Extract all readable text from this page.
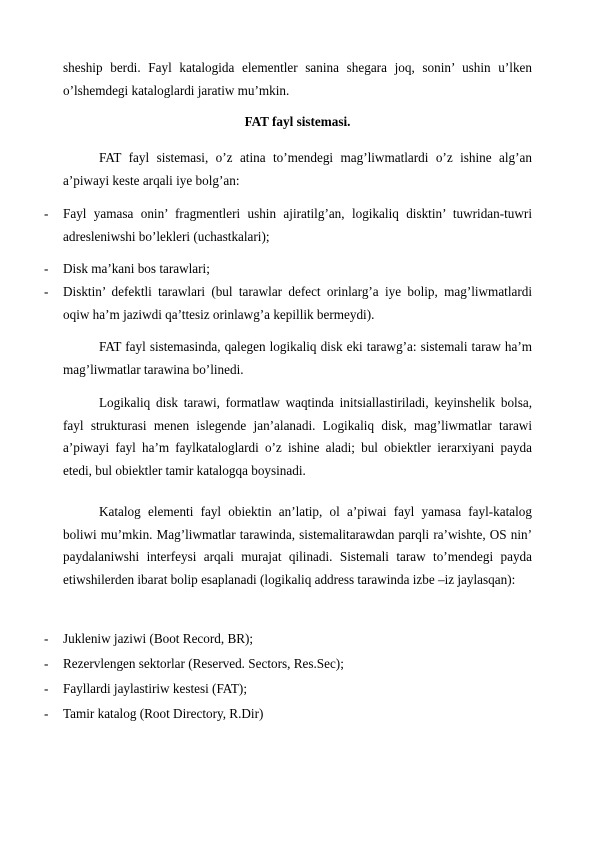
sheship berdi. Fayl katalogida elementler sanina shegara joq, sonin’ ushin u’lken o’lshemdegi kataloglardi jaratiw mu’mkin.

FAT fayl sistemasi.

FAT fayl sistemasi, o’z atina to’mendegi mag’liwmatlardi o’z ishine alg’an a’piwayi keste arqali iye bolg’an:

- Fayl yamasa onin’ fragmentleri ushin ajiratilg’an, logikaliq disktin’ tuwridan-tuwri adresleniwshi bo’lekleri (uchastkalari);

- Disk ma’kani bos tarawlari;

- Disktin’ defektli tarawlari (bul tarawlar defect orinlarg’a iye bolip, mag’liwmatlardi oqiw ha’m jaziwdi qa’ttesiz orinlawg’a kepillik bermeydi).

FAT fayl sistemasinda, qalegen logikaliq disk eki tarawg’a: sistemali taraw ha’m mag’liwmatlar tarawina bo’linedi.

Logikaliq disk tarawi, formatlaw waqtinda initsiallastiriladi, keyinshelik bolsa, fayl strukturasi menen islegende jan’alanadi. Logikaliq disk, mag’liwmatlar tarawi a’piwayi fayl ha’m faylkataloglardi o’z ishine aladi; bul obiektler ierarxiyani payda etedi, bul obiektler tamir katalogqa boysinadi.

Katalog elementi fayl obiektin an’latip, ol a’piwai fayl yamasa fayl-katalog boliwi mu’mkin. Mag’liwmatlar tarawinda, sistemalitarawdan parqli ra’wishte, OS nin’ paydalaniwshi interfeysi arqali murajat qilinadi. Sistemali taraw to’mendegi payda etiwshilerden ibarat bolip esaplanadi (logikaliq address tarawinda izbe –iz jaylasqan):

- Jukleniw jaziwi (Boot Record, BR);

- Rezervlengen sektorlar (Reserved. Sectors, Res.Sec);

- Fayllardi jaylastiriw kestesi (FAT);

- Tamir katalog (Root Directory, R.Dir)
